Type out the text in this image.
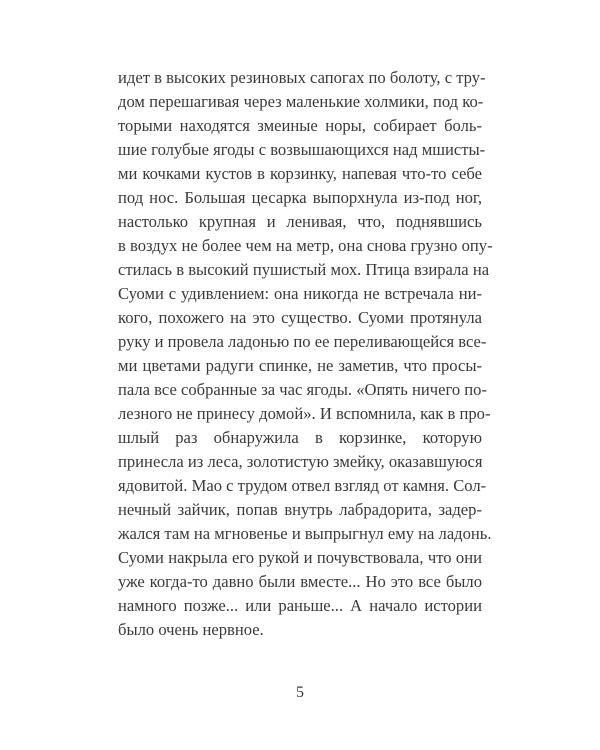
идет в высоких резиновых сапогах по болоту, с тру-
дом перешагивая через маленькие холмики, под ко-
торыми находятся змеиные норы, собирает боль-
шие голубые ягоды с возвышающихся над мшисты-
ми кочками кустов в корзинку, напевая что-то себе
под нос. Большая цесарка выпорхнула из-под ног,
настолько крупная и ленивая, что, поднявшись
в воздух не более чем на метр, она снова грузно опу-
стилась в высокий пушистый мох. Птица взирала на
Суоми с удивлением: она никогда не встречала ни-
кого, похожего на это существо. Суоми протянула
руку и провела ладонью по ее переливающейся все-
ми цветами радуги спинке, не заметив, что просы-
пала все собранные за час ягоды. «Опять ничего по-
лезного не принесу домой». И вспомнила, как в про-
шлый раз обнаружила в корзинке, которую
принесла из леса, золотистую змейку, оказавшуюся
ядовитой. Мао с трудом отвел взгляд от камня. Сол-
нечный зайчик, попав внутрь лабрадорита, задер-
жался там на мгновенье и выпрыгнул ему на ладонь.
Суоми накрыла его рукой и почувствовала, что они
уже когда-то давно были вместе... Но это все было
намного позже... или раньше... А начало истории
было очень нервное.
5
